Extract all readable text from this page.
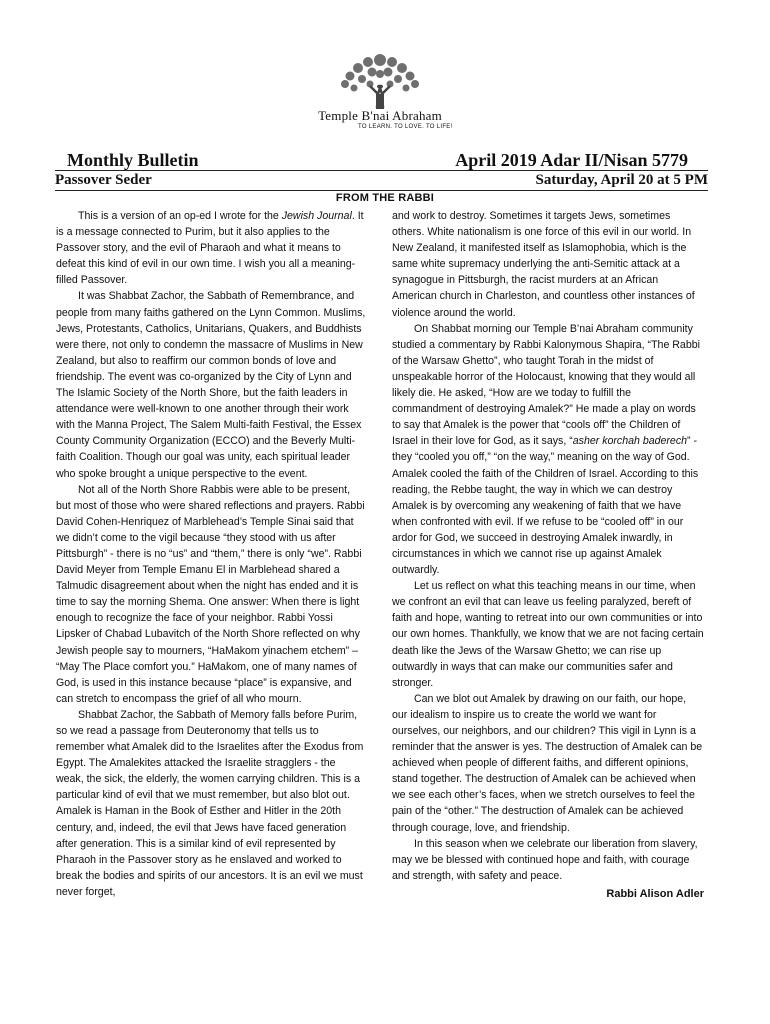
Temple B'nai Abraham
TO LEARN. TO LOVE. TO LIFE!
Monthly Bulletin	April 2019 Adar II/Nisan 5779
Passover Seder	Saturday, April 20 at 5 PM
FROM THE RABBI

This is a version of an op-ed I wrote for the Jewish Journal. It is a message connected to Purim, but it also applies to the Passover story, and the evil of Pharaoh and what it means to defeat this kind of evil in our own time. I wish you all a meaning-filled Passover.

It was Shabbat Zachor, the Sabbath of Remembrance, and people from many faiths gathered on the Lynn Common. Muslims, Jews, Protestants, Catholics, Unitarians, Quakers, and Buddhists were there, not only to condemn the massacre of Muslims in New Zealand, but also to reaffirm our common bonds of love and friendship. The event was co-organized by the City of Lynn and The Islamic Society of the North Shore, but the faith leaders in attendance were well-known to one another through their work with the Manna Project, The Salem Multi-faith Festival, the Essex County Community Organization (ECCO) and the Beverly Multi-faith Coalition. Though our goal was unity, each spiritual leader who spoke brought a unique perspective to the event.

Not all of the North Shore Rabbis were able to be present, but most of those who were shared reflections and prayers. Rabbi David Cohen-Henriquez of Marblehead’s Temple Sinai said that we didn’t come to the vigil because “they stood with us after Pittsburgh” - there is no “us” and “them,” there is only “we”. Rabbi David Meyer from Temple Emanu El in Marblehead shared a Talmudic disagreement about when the night has ended and it is time to say the morning Shema. One answer: When there is light enough to recognize the face of your neighbor. Rabbi Yossi Lipsker of Chabad Lubavitch of the North Shore reflected on why Jewish people say to mourners, “HaMakom yinachem etchem” – “May The Place comfort you.” HaMakom, one of many names of God, is used in this instance because “place” is expansive, and can stretch to encompass the grief of all who mourn.

Shabbat Zachor, the Sabbath of Memory falls before Purim, so we read a passage from Deuteronomy that tells us to remember what Amalek did to the Israelites after the Exodus from Egypt. The Amalekites attacked the Israelite stragglers - the weak, the sick, the elderly, the women carrying children. This is a particular kind of evil that we must remember, but also blot out. Amalek is Haman in the Book of Esther and Hitler in the 20th century, and, indeed, the evil that Jews have faced generation after generation. This is a similar kind of evil represented by Pharaoh in the Passover story as he enslaved and worked to break the bodies and spirits of our ancestors. It is an evil we must never forget,

and work to destroy. Sometimes it targets Jews, sometimes others. White nationalism is one force of this evil in our world. In New Zealand, it manifested itself as Islamophobia, which is the same white supremacy underlying the anti-Semitic attack at a synagogue in Pittsburgh, the racist murders at an African American church in Charleston, and countless other instances of violence around the world.

On Shabbat morning our Temple B’nai Abraham community studied a commentary by Rabbi Kalonymous Shapira, “The Rabbi of the Warsaw Ghetto”, who taught Torah in the midst of unspeakable horror of the Holocaust, knowing that they would all likely die. He asked, “How are we today to fulfill the commandment of destroying Amalek?” He made a play on words to say that Amalek is the power that “cools off” the Children of Israel in their love for God, as it says, “asher korchah baderech” - they “cooled you off,” “on the way,” meaning on the way of God. Amalek cooled the faith of the Children of Israel. According to this reading, the Rebbe taught, the way in which we can destroy Amalek is by overcoming any weakening of faith that we have when confronted with evil. If we refuse to be “cooled off” in our ardor for God, we succeed in destroying Amalek inwardly, in circumstances in which we cannot rise up against Amalek outwardly.

Let us reflect on what this teaching means in our time, when we confront an evil that can leave us feeling paralyzed, bereft of faith and hope, wanting to retreat into our own communities or into our own homes. Thankfully, we know that we are not facing certain death like the Jews of the Warsaw Ghetto; we can rise up outwardly in ways that can make our communities safer and stronger.

Can we blot out Amalek by drawing on our faith, our hope, our idealism to inspire us to create the world we want for ourselves, our neighbors, and our children? This vigil in Lynn is a reminder that the answer is yes. The destruction of Amalek can be achieved when people of different faiths, and different opinions, stand together. The destruction of Amalek can be achieved when we see each other’s faces, when we stretch ourselves to feel the pain of the “other.” The destruction of Amalek can be achieved through courage, love, and friendship.

In this season when we celebrate our liberation from slavery, may we be blessed with continued hope and faith, with courage and strength, with safety and peace.

Rabbi Alison Adler
